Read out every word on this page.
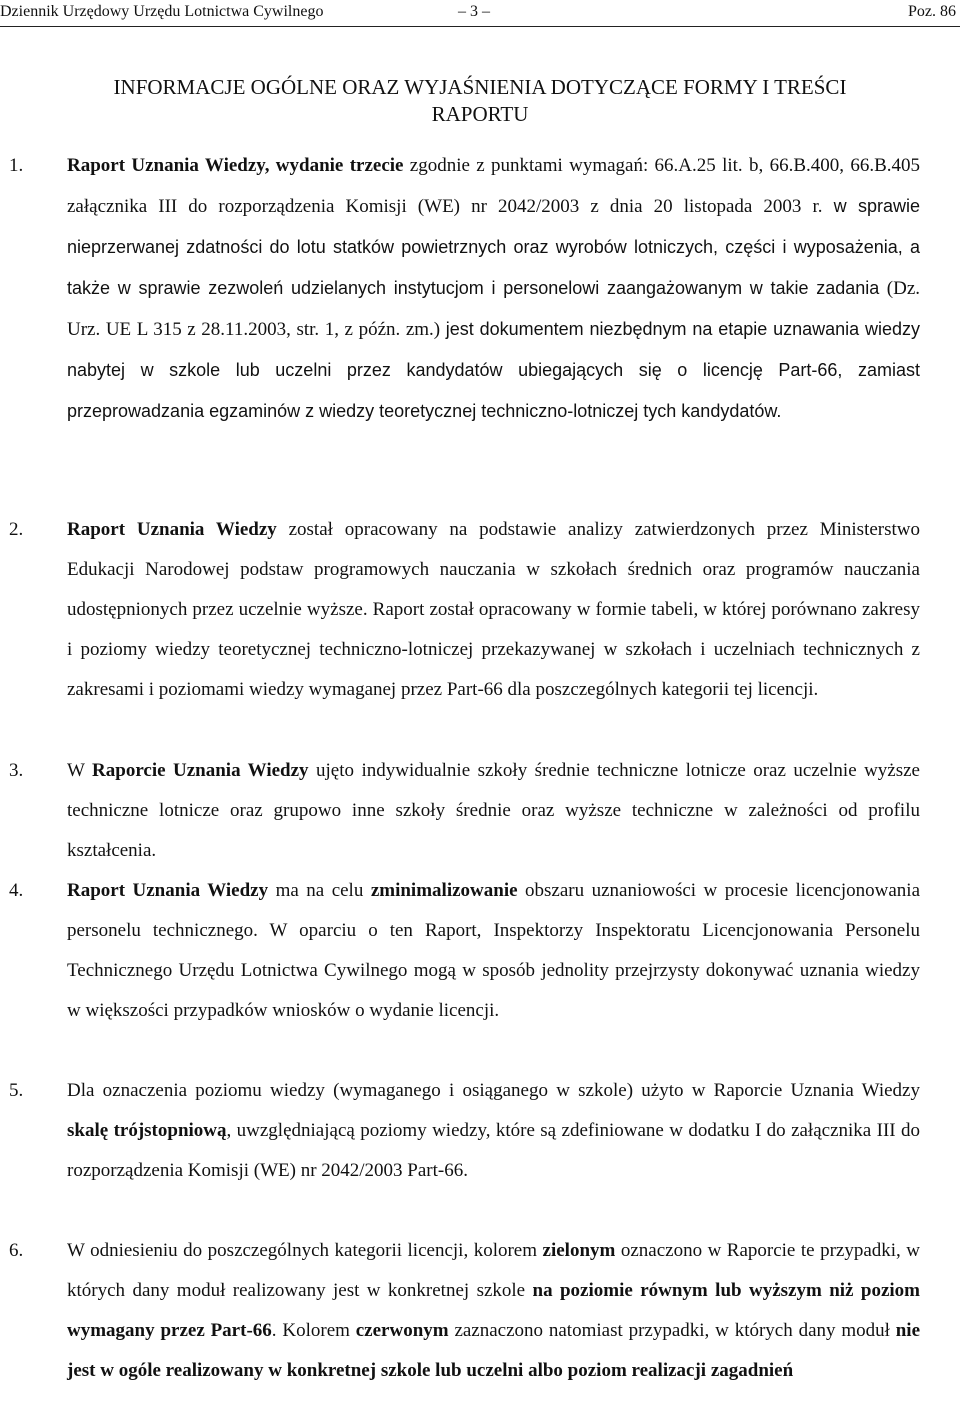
Dziennik Urzędowy Urzędu Lotnictwa Cywilnego	– 3 –	Poz. 86
INFORMACJE OGÓLNE ORAZ WYJAŚNIENIA DOTYCZĄCE FORMY I TREŚCI
RAPORTU
1. Raport Uznania Wiedzy, wydanie trzecie zgodnie z punktami wymagań: 66.A.25 lit. b, 66.B.400, 66.B.405 załącznika III do rozporządzenia Komisji (WE) nr 2042/2003 z dnia 20 listopada 2003 r. w sprawie nieprzerwanej zdatności do lotu statków powietrznych oraz wyrobów lotniczych, części i wyposażenia, a także w sprawie zezwoleń udzielanych instytucjom i personelowi zaangażowanym w takie zadania (Dz. Urz. UE L 315 z 28.11.2003, str. 1, z późn. zm.) jest dokumentem niezbędnym na etapie uznawania wiedzy nabytej w szkole lub uczelni przez kandydatów ubiegających się o licencję Part-66, zamiast przeprowadzania egzaminów z wiedzy teoretycznej techniczno-lotniczej tych kandydatów.
2. Raport Uznania Wiedzy został opracowany na podstawie analizy zatwierdzonych przez Ministerstwo Edukacji Narodowej podstaw programowych nauczania w szkołach średnich oraz programów nauczania udostępnionych przez uczelnie wyższe. Raport został opracowany w formie tabeli, w której porównano zakresy i poziomy wiedzy teoretycznej techniczno-lotniczej przekazywanej w szkołach i uczelniach technicznych z zakresami i poziomami wiedzy wymaganej przez Part-66 dla poszczególnych kategorii tej licencji.
3. W Raporcie Uznania Wiedzy ujęto indywidualnie szkoły średnie techniczne lotnicze oraz uczelnie wyższe techniczne lotnicze oraz grupowo inne szkoły średnie oraz wyższe techniczne w zależności od profilu kształcenia.
4. Raport Uznania Wiedzy ma na celu zminimalizowanie obszaru uznaniowości w procesie licencjonowania personelu technicznego. W oparciu o ten Raport, Inspektorzy Inspektoratu Licencjonowania Personelu Technicznego Urzędu Lotnictwa Cywilnego mogą w sposób jednolity przejrzysty dokonywać uznania wiedzy w większości przypadków wniosków o wydanie licencji.
5. Dla oznaczenia poziomu wiedzy (wymaganego i osiąganego w szkole) użyto w Raporcie Uznania Wiedzy skalę trójstopniową, uwzględniającą poziomy wiedzy, które są zdefiniowane w dodatku I do załącznika III do rozporządzenia Komisji (WE) nr 2042/2003 Part-66.
6. W odniesieniu do poszczególnych kategorii licencji, kolorem zielonym oznaczono w Raporcie te przypadki, w których dany moduł realizowany jest w konkretnej szkole na poziomie równym lub wyższym niż poziom wymagany przez Part-66. Kolorem czerwonym zaznaczono natomiast przypadki, w których dany moduł nie jest w ogóle realizowany w konkretnej szkole lub uczelni albo poziom realizacji zagadnień
